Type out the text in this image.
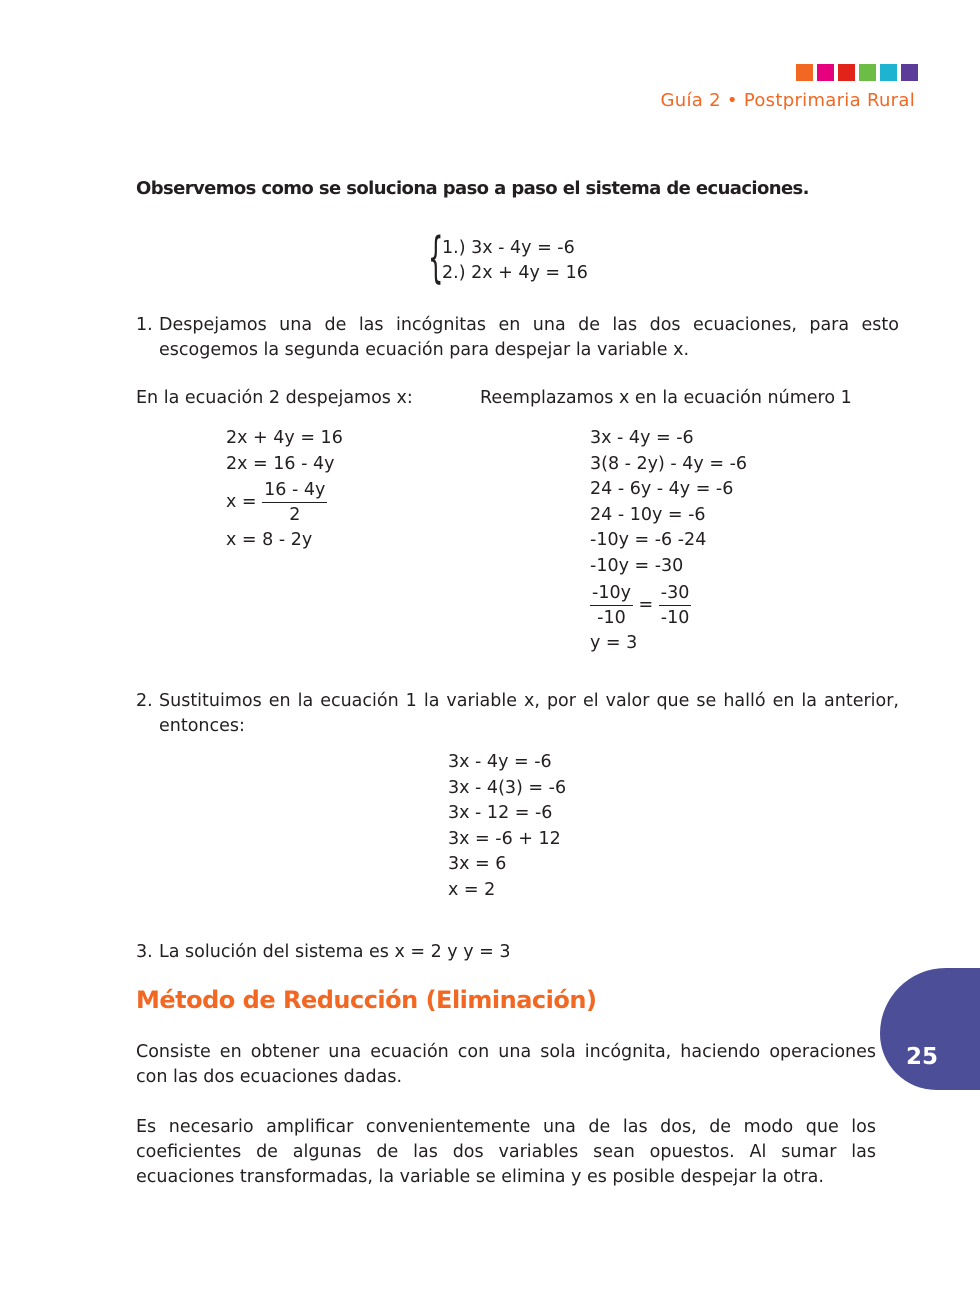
Guía 2 • Postprimaria Rural
Observemos como se soluciona paso a paso el sistema de ecuaciones.
{
1.) 3x - 4y = -6
2.) 2x + 4y = 16
1. Despejamos una de las incógnitas en una de las dos ecuaciones, para esto escogemos la segunda ecuación para despejar la variable x.
En la ecuación 2 despejamos x:	Reemplazamos x en la ecuación número 1
2x + 4y = 16
2x = 16 - 4y
$x = \frac{16 - 4y}{2}$
x = 8 - 2y
3x - 4y = -6
3(8 - 2y) - 4y = -6
24 - 6y - 4y = -6
24 - 10y = -6
-10y = -6 -24
-10y = -30
$\frac{-10y}{-10} = \frac{-30}{-10}$
y = 3
2. Sustituimos en la ecuación 1 la variable x, por el valor que se halló en la anterior, entonces:
3x - 4y = -6
3x - 4(3) = -6
3x - 12 = -6
3x = -6 + 12
3x = 6
x = 2
3. La solución del sistema es x = 2 y y = 3
Método de Reducción (Eliminación)
Consiste en obtener una ecuación con una sola incógnita, haciendo operaciones con las dos ecuaciones dadas.
Es necesario amplificar convenientemente una de las dos, de modo que los coeficientes de algunas de las dos variables sean opuestos. Al sumar las ecuaciones transformadas, la variable se elimina y es posible despejar la otra.
25
